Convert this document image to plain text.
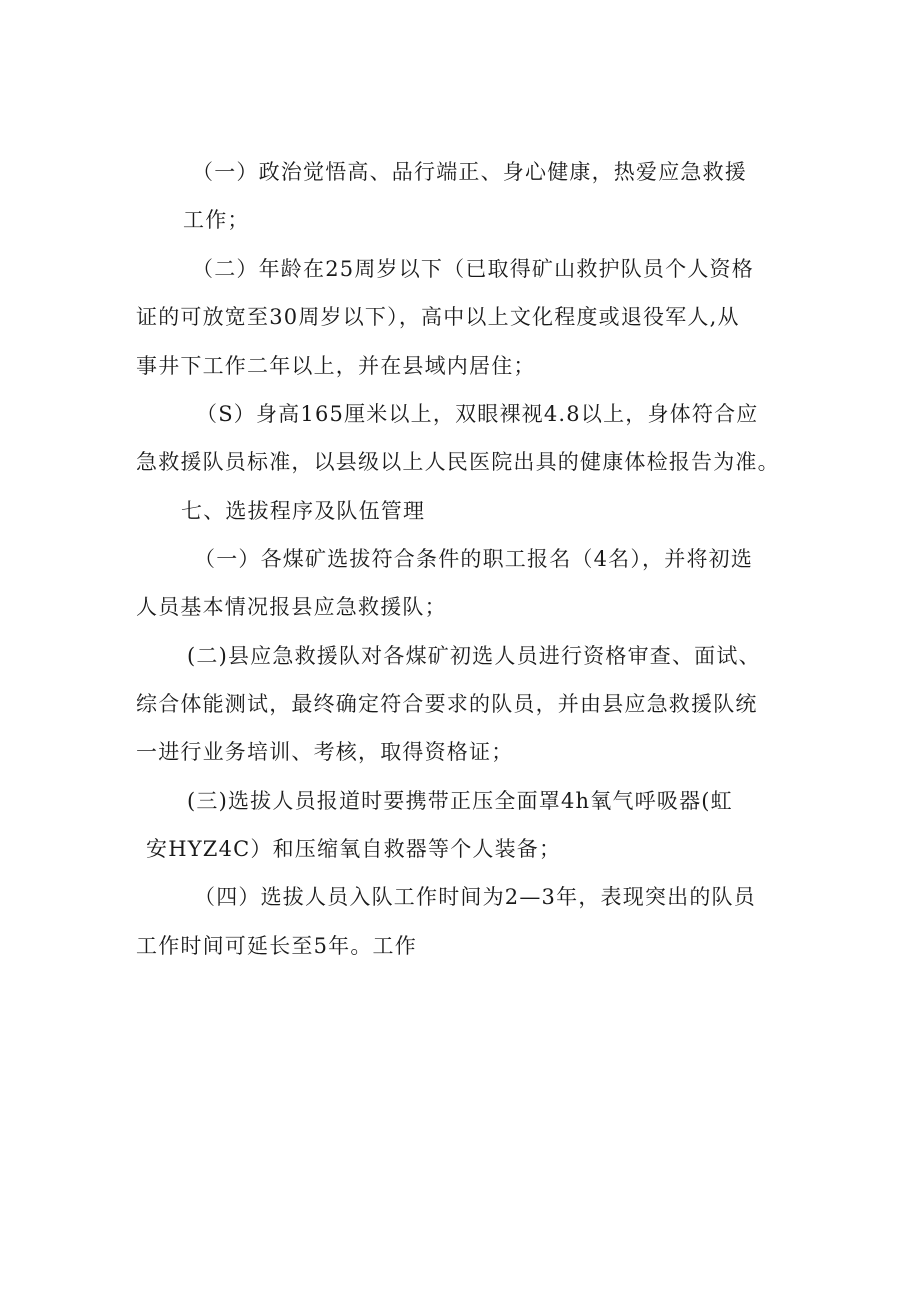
（一）政治觉悟高、品行端正、身心健康，热爱应急救援
工作；
（二）年龄在25周岁以下（已取得矿山救护队员个人资格
证的可放宽至30周岁以下），高中以上文化程度或退役军人,从
事井下工作二年以上，并在县域内居住；
（S）身高165厘米以上，双眼裸视4.8以上，身体符合应
急救援队员标准，以县级以上人民医院出具的健康体检报告为准。
七、选拔程序及队伍管理
（一）各煤矿选拔符合条件的职工报名（4名），并将初选
人员基本情况报县应急救援队；
(二)县应急救援队对各煤矿初选人员进行资格审查、面试、
综合体能测试，最终确定符合要求的队员，并由县应急救援队统
一进行业务培训、考核，取得资格证；
(三)选拔人员报道时要携带正压全面罩4h氧气呼吸器(虹
安HYZ4C）和压缩氧自救器等个人装备；
（四）选拔人员入队工作时间为2—3年，表现突出的队员
工作时间可延长至5年。工作
